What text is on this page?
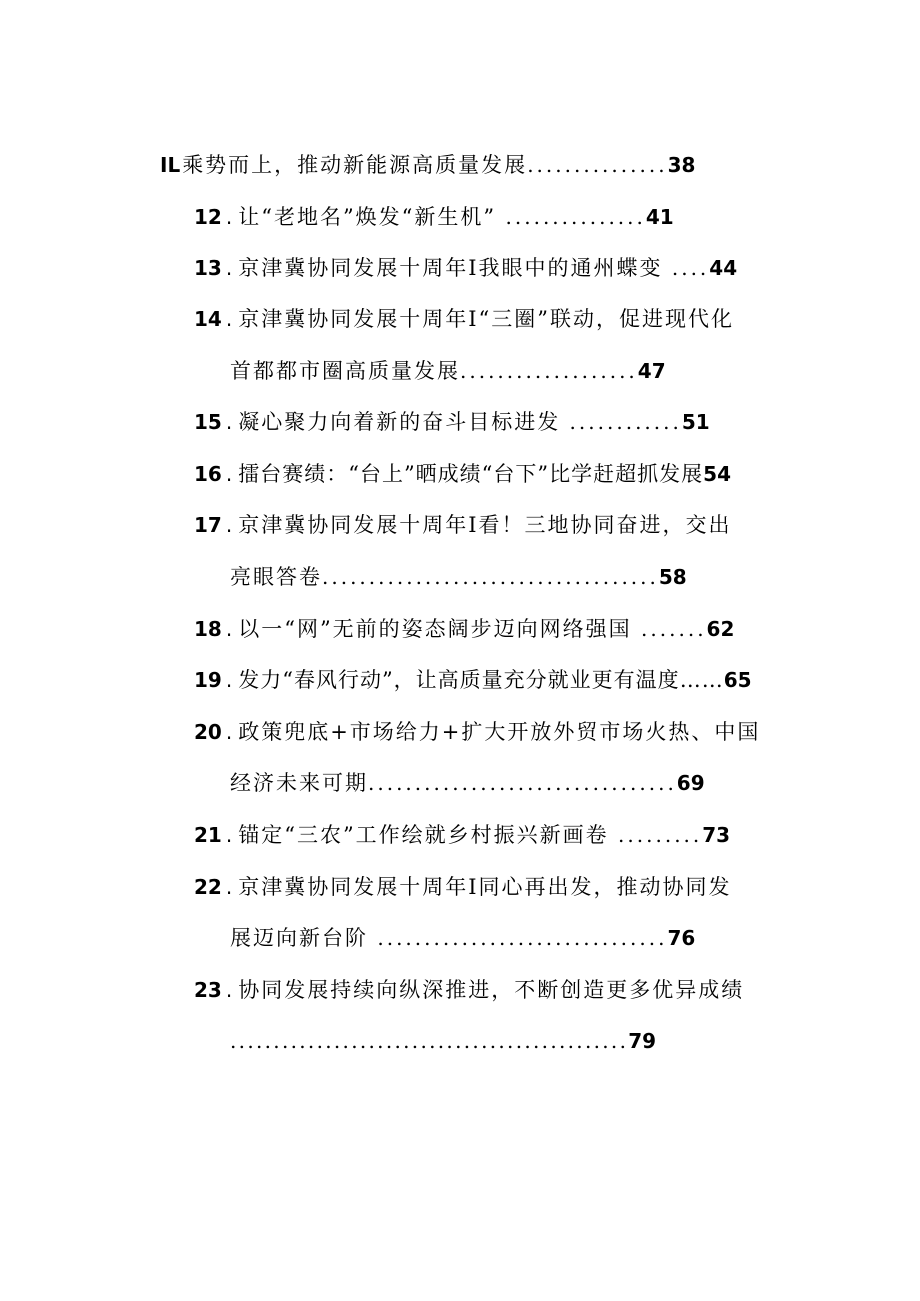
IL乘势而上，推动新能源高质量发展...............38
12 . 让“老地名”焕发“新生机” ...............41
13 . 京津冀协同发展十周年I我眼中的通州蝶变 ....44
14 . 京津冀协同发展十周年I“三圈”联动，促进现代化
首都都市圈高质量发展...................47
15 . 凝心聚力向着新的奋斗目标进发 ............51
16 . 擂台赛绩：“台上”晒成绩“台下”比学赶超抓发展54
17 . 京津冀协同发展十周年I看！三地协同奋进，交出
亮眼答卷....................................58
18 . 以一“网”无前的姿态阔步迈向网络强国 .......62
19 . 发力“春风行动”，让高质量充分就业更有温度……65
20 . 政策兜底+市场给力+扩大开放外贸市场火热、中国
经济未来可期.................................69
21 . 锚定“三农”工作绘就乡村振兴新画卷 .........73
22 . 京津冀协同发展十周年I同心再出发，推动协同发
展迈向新台阶 ...............................76
23 . 协同发展持续向纵深推进，不断创造更多优异成绩
..............................................79
